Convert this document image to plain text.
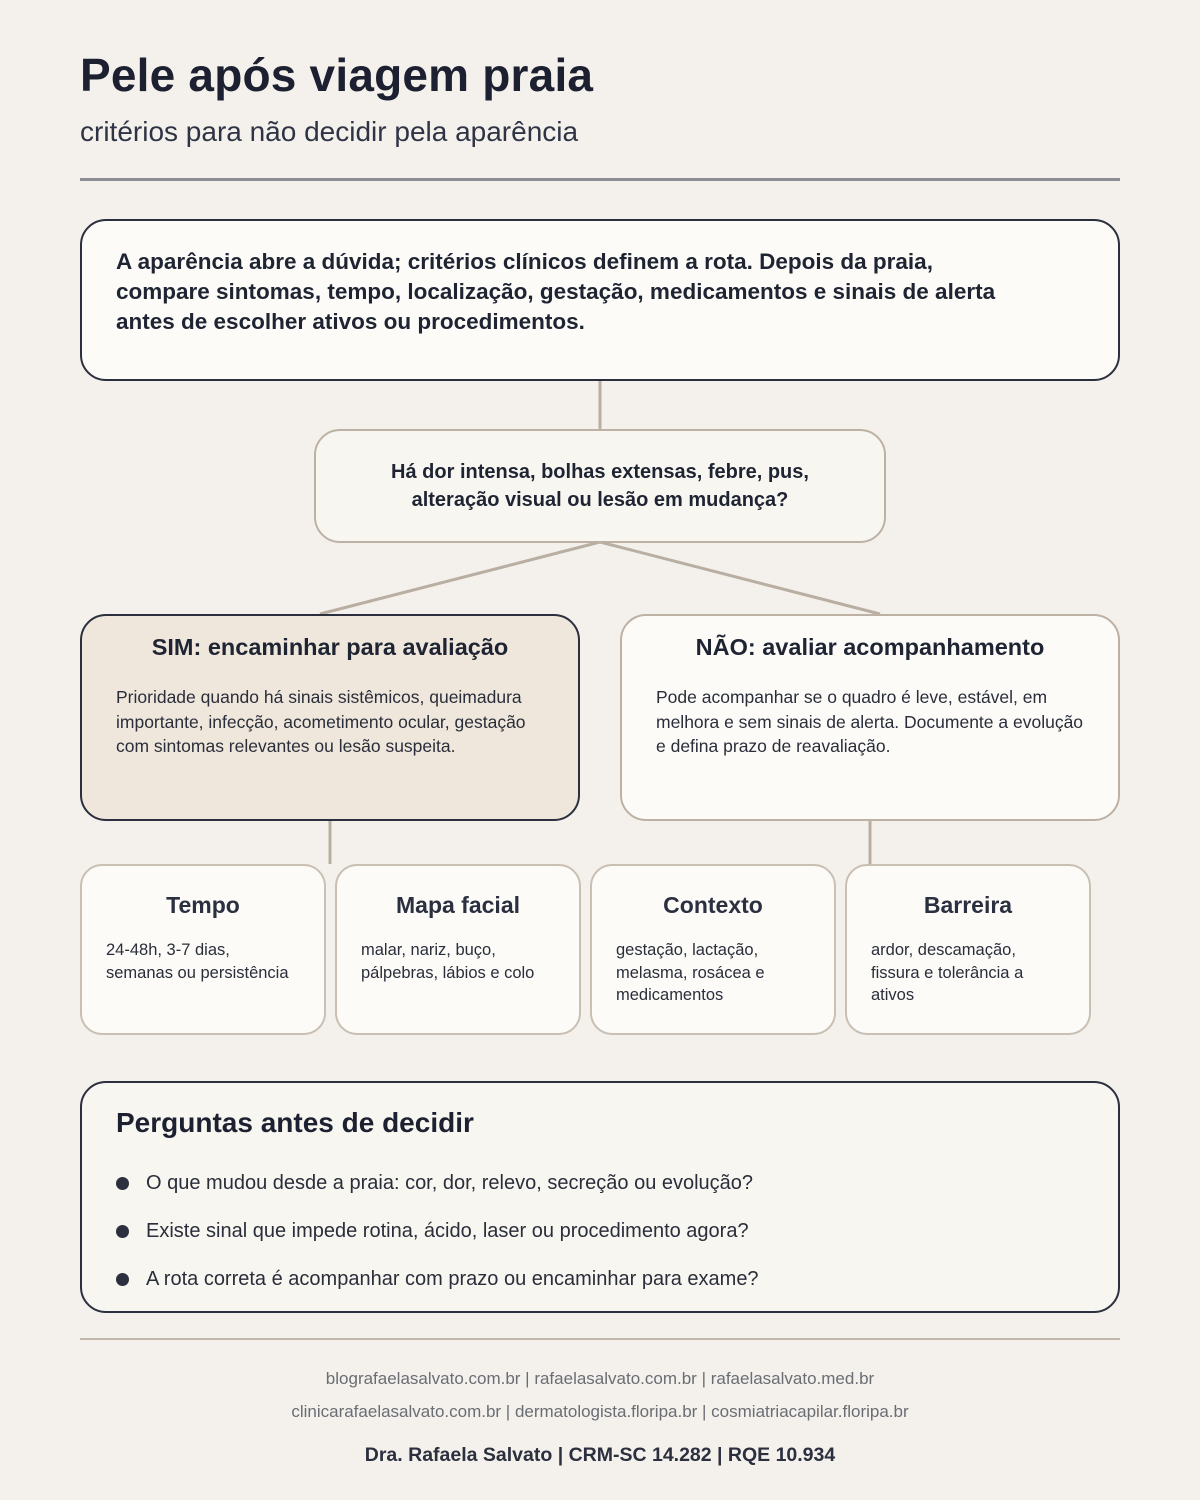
Pele após viagem praia
critérios para não decidir pela aparência
A aparência abre a dúvida; critérios clínicos definem a rota. Depois da praia, compare sintomas, tempo, localização, gestação, medicamentos e sinais de alerta antes de escolher ativos ou procedimentos.
Há dor intensa, bolhas extensas, febre, pus, alteração visual ou lesão em mudança?
SIM: encaminhar para avaliação
Prioridade quando há sinais sistêmicos, queimadura importante, infecção, acometimento ocular, gestação com sintomas relevantes ou lesão suspeita.
NÃO: avaliar acompanhamento
Pode acompanhar se o quadro é leve, estável, em melhora e sem sinais de alerta. Documente a evolução e defina prazo de reavaliação.
Tempo
24-48h, 3-7 dias, semanas ou persistência
Mapa facial
malar, nariz, buço, pálpebras, lábios e colo
Contexto
gestação, lactação, melasma, rosácea e medicamentos
Barreira
ardor, descamação, fissura e tolerância a ativos
Perguntas antes de decidir
O que mudou desde a praia: cor, dor, relevo, secreção ou evolução?
Existe sinal que impede rotina, ácido, laser ou procedimento agora?
A rota correta é acompanhar com prazo ou encaminhar para exame?
blografaelasalvato.com.br | rafaelasalvato.com.br | rafaelasalvato.med.br
clinicarafaelasalvato.com.br | dermatologista.floripa.br | cosmiatriacapilar.floripa.br
Dra. Rafaela Salvato | CRM-SC 14.282 | RQE 10.934
